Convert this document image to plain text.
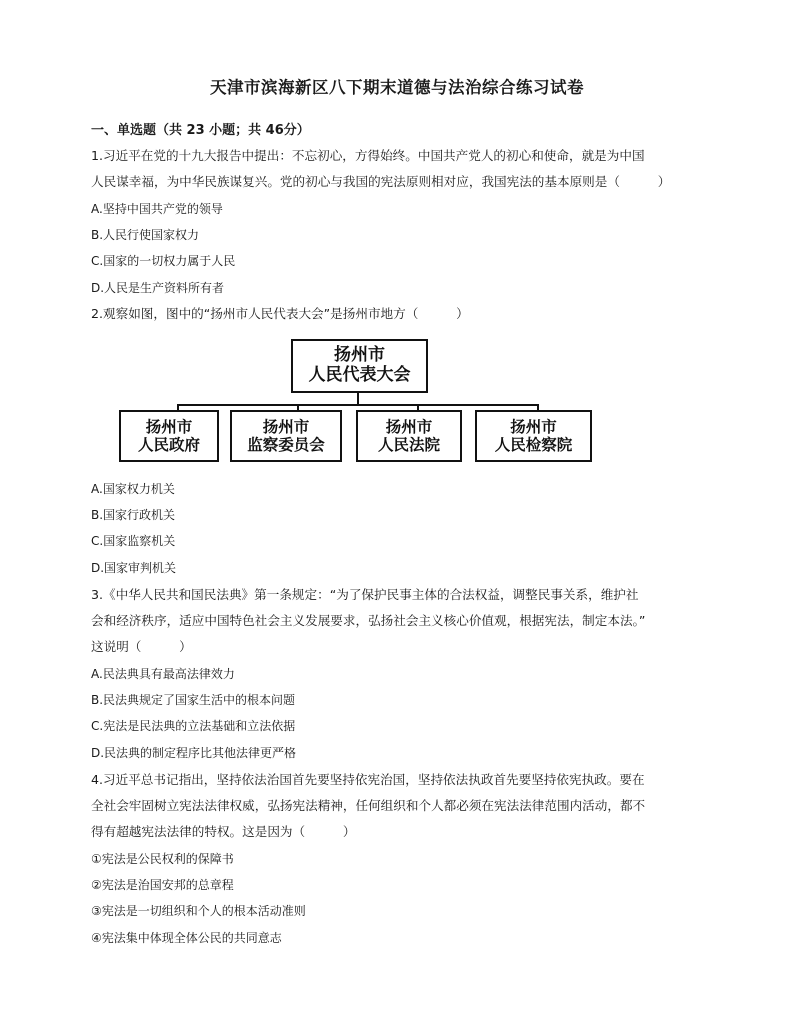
天津市滨海新区八下期末道德与法治综合练习试卷
一、单选题（共 23 小题；共 46分）
1.习近平在党的十九大报告中提出：不忘初心，方得始终。中国共产党人的初心和使命，就是为中国
人民谋幸福，为中华民族谋复兴。党的初心与我国的宪法原则相对应，我国宪法的基本原则是（　　　）
A.坚持中国共产党的领导
B.人民行使国家权力
C.国家的一切权力属于人民
D.人民是生产资料所有者
2.观察如图，图中的“扬州市人民代表大会”是扬州市地方（　　　）
扬州市
人民代表大会
扬州市
人民政府
扬州市
监察委员会
扬州市
人民法院
扬州市
人民检察院
A.国家权力机关
B.国家行政机关
C.国家监察机关
D.国家审判机关
3.《中华人民共和国民法典》第一条规定：“为了保护民事主体的合法权益，调整民事关系，维护社
会和经济秩序，适应中国特色社会主义发展要求，弘扬社会主义核心价值观，根据宪法，制定本法。”
这说明（　　　）
A.民法典具有最高法律效力
B.民法典规定了国家生活中的根本问题
C.宪法是民法典的立法基础和立法依据
D.民法典的制定程序比其他法律更严格
4.习近平总书记指出，坚持依法治国首先要坚持依宪治国，坚持依法执政首先要坚持依宪执政。要在
全社会牢固树立宪法法律权威，弘扬宪法精神，任何组织和个人都必须在宪法法律范围内活动，都不
得有超越宪法法律的特权。这是因为（　　　）
①宪法是公民权利的保障书
②宪法是治国安邦的总章程
③宪法是一切组织和个人的根本活动准则
④宪法集中体现全体公民的共同意志
